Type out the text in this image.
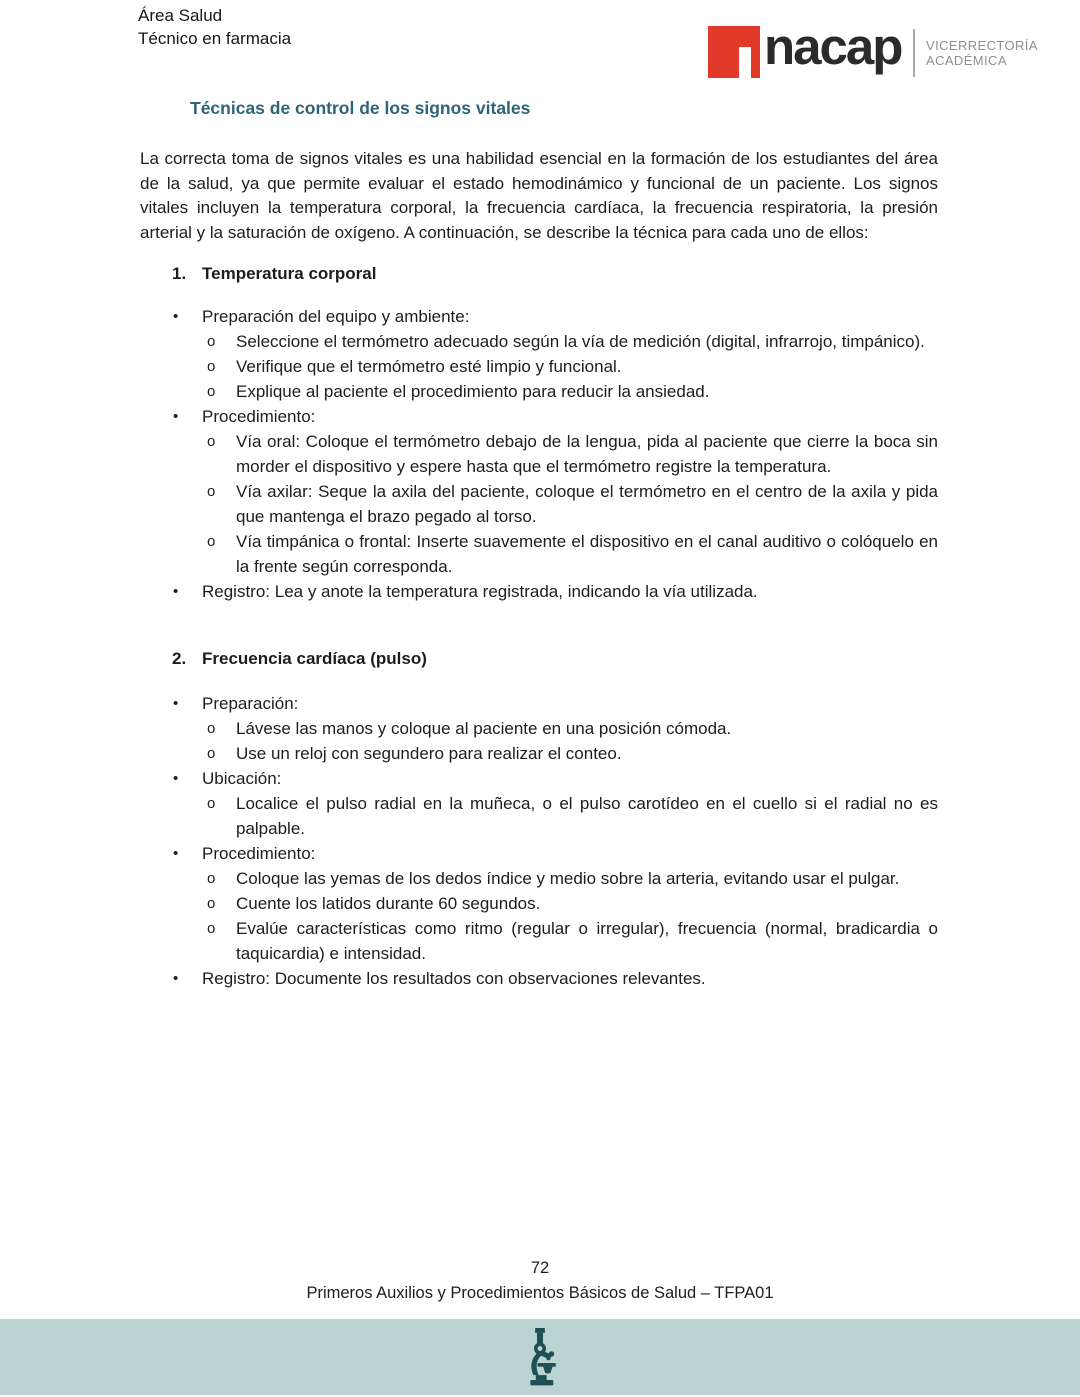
Área Salud
Técnico en farmacia	nacap VICERRECTORÍA
ACADÉMICA
Técnicas de control de los signos vitales

La correcta toma de signos vitales es una habilidad esencial en la formación de los estudiantes del área de la salud, ya que permite evaluar el estado hemodinámico y funcional de un paciente. Los signos vitales incluyen la temperatura corporal, la frecuencia cardíaca, la frecuencia respiratoria, la presión arterial y la saturación de oxígeno. A continuación, se describe la técnica para cada uno de ellos:

1. Temperatura corporal
• Preparación del equipo y ambiente:
o Seleccione el termómetro adecuado según la vía de medición (digital, infrarrojo, timpánico).
o Verifique que el termómetro esté limpio y funcional.
o Explique al paciente el procedimiento para reducir la ansiedad.
• Procedimiento:
o Vía oral: Coloque el termómetro debajo de la lengua, pida al paciente que cierre la boca sin morder el dispositivo y espere hasta que el termómetro registre la temperatura.
o Vía axilar: Seque la axila del paciente, coloque el termómetro en el centro de la axila y pida que mantenga el brazo pegado al torso.
o Vía timpánica o frontal: Inserte suavemente el dispositivo en el canal auditivo o colóquelo en la frente según corresponda.
• Registro: Lea y anote la temperatura registrada, indicando la vía utilizada.
2. Frecuencia cardíaca (pulso)
• Preparación:
o Lávese las manos y coloque al paciente en una posición cómoda.
o Use un reloj con segundero para realizar el conteo.
• Ubicación:
o Localice el pulso radial en la muñeca, o el pulso carotídeo en el cuello si el radial no es palpable.
• Procedimiento:
o Coloque las yemas de los dedos índice y medio sobre la arteria, evitando usar el pulgar.
o Cuente los latidos durante 60 segundos.
o Evalúe características como ritmo (regular o irregular), frecuencia (normal, bradicardia o taquicardia) e intensidad.
• Registro: Documente los resultados con observaciones relevantes.
72
Primeros Auxilios y Procedimientos Básicos de Salud – TFPA01
